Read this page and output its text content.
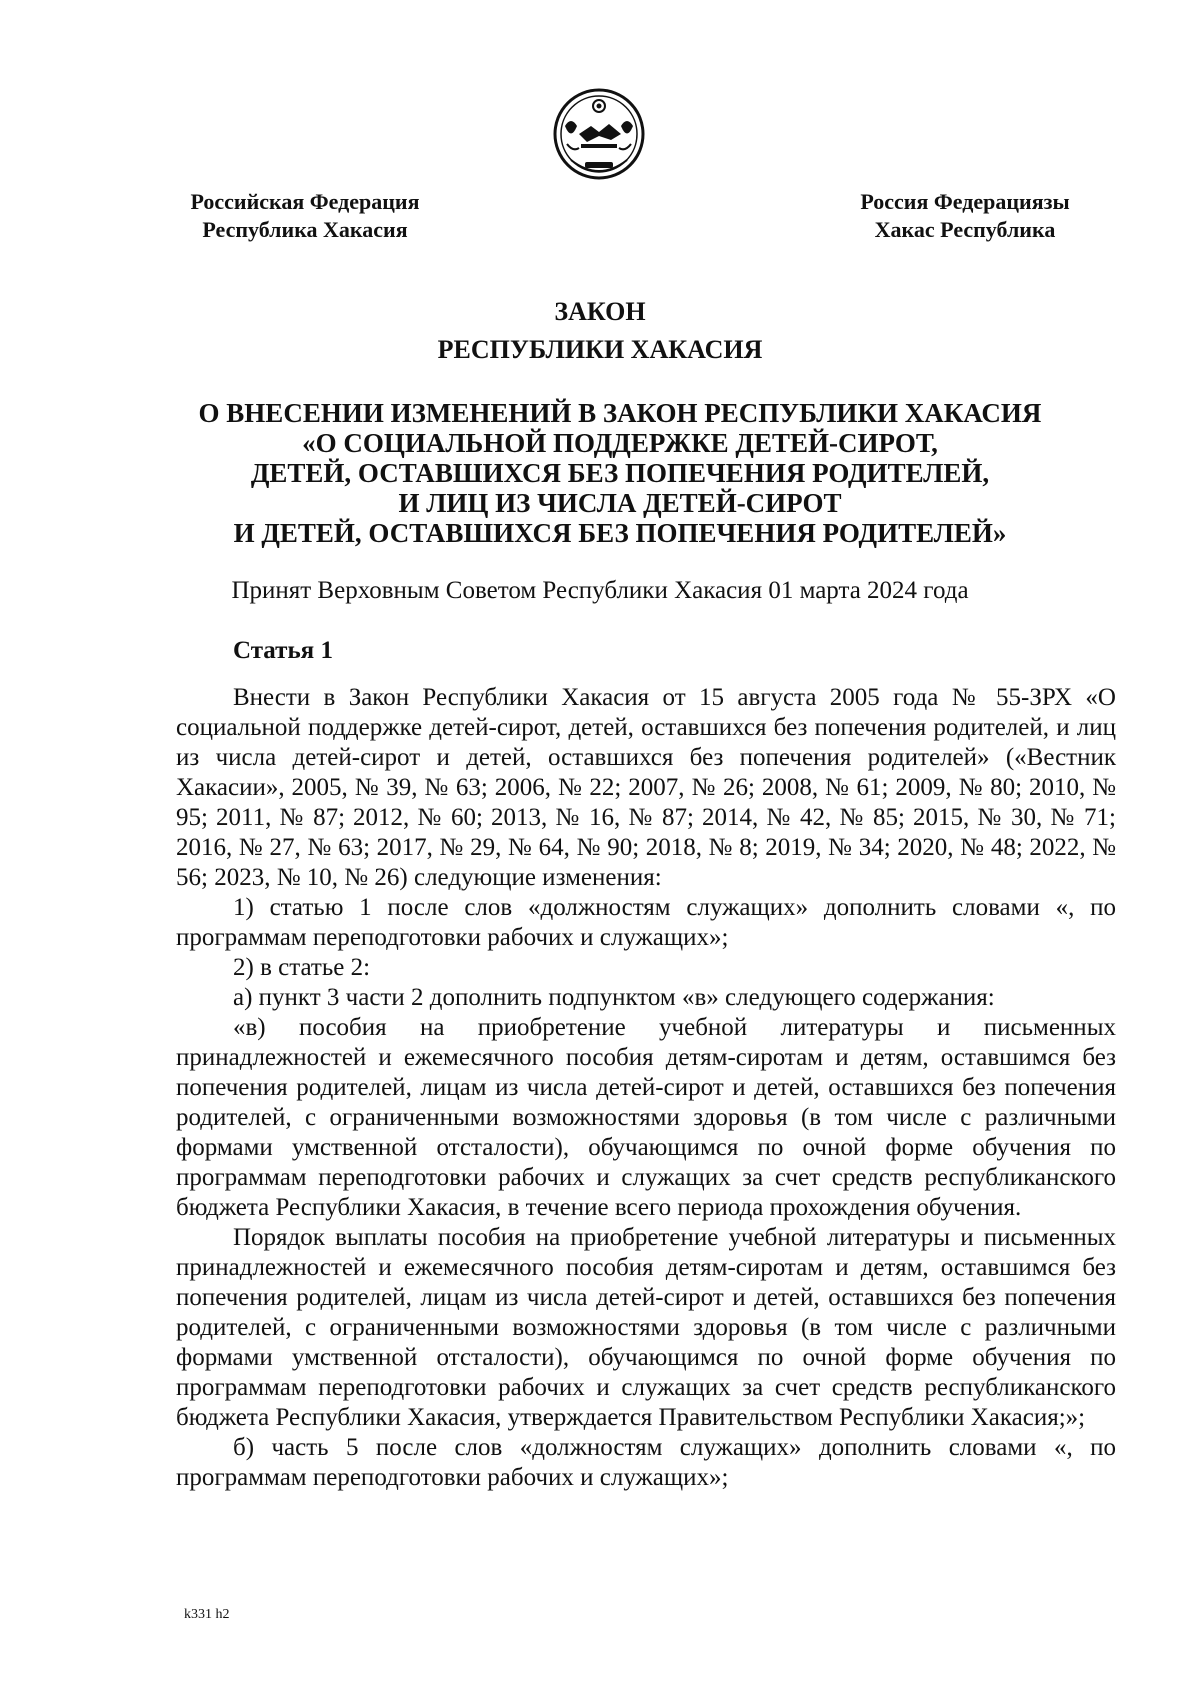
Российская Федерация
Республика Хакасия
Россия Федерациязы
Хакас Республика
ЗАКОН
РЕСПУБЛИКИ ХАКАСИЯ
О ВНЕСЕНИИ ИЗМЕНЕНИЙ В ЗАКОН РЕСПУБЛИКИ ХАКАСИЯ
«О СОЦИАЛЬНОЙ ПОДДЕРЖКЕ ДЕТЕЙ-СИРОТ,
ДЕТЕЙ, ОСТАВШИХСЯ БЕЗ ПОПЕЧЕНИЯ РОДИТЕЛЕЙ,
И ЛИЦ ИЗ ЧИСЛА ДЕТЕЙ-СИРОТ
И ДЕТЕЙ, ОСТАВШИХСЯ БЕЗ ПОПЕЧЕНИЯ РОДИТЕЛЕЙ»
Принят Верховным Советом Республики Хакасия 01 марта 2024 года
Статья 1

Внести в Закон Республики Хакасия от 15 августа 2005 года № 55-ЗРХ «О социальной поддержке детей-сирот, детей, оставшихся без попечения родителей, и лиц из числа детей-сирот и детей, оставшихся без попечения родителей» («Вестник Хакасии», 2005, № 39, № 63; 2006, № 22; 2007, № 26; 2008, № 61; 2009, № 80; 2010, № 95; 2011, № 87; 2012, № 60; 2013, № 16, № 87; 2014, № 42, № 85; 2015, № 30, № 71; 2016, № 27, № 63; 2017, № 29, № 64, № 90; 2018, № 8; 2019, № 34; 2020, № 48; 2022, № 56; 2023, № 10, № 26) следующие изменения:

1) статью 1 после слов «должностям служащих» дополнить словами «, по программам переподготовки рабочих и служащих»;

2) в статье 2:

а) пункт 3 части 2 дополнить подпунктом «в» следующего содержания:

«в) пособия на приобретение учебной литературы и письменных принадлежностей и ежемесячного пособия детям-сиротам и детям, оставшимся без попечения родителей, лицам из числа детей-сирот и детей, оставшихся без попечения родителей, с ограниченными возможностями здоровья (в том числе с различными формами умственной отсталости), обучающимся по очной форме обучения по программам переподготовки рабочих и служащих за счет средств республиканского бюджета Республики Хакасия, в течение всего периода прохождения обучения.

Порядок выплаты пособия на приобретение учебной литературы и письменных принадлежностей и ежемесячного пособия детям-сиротам и детям, оставшимся без попечения родителей, лицам из числа детей-сирот и детей, оставшихся без попечения родителей, с ограниченными возможностями здоровья (в том числе с различными формами умственной отсталости), обучающимся по очной форме обучения по программам переподготовки рабочих и служащих за счет средств республиканского бюджета Республики Хакасия, утверждается Правительством Республики Хакасия;»;

б) часть 5 после слов «должностям служащих» дополнить словами «, по программам переподготовки рабочих и служащих»;

k331 h2
